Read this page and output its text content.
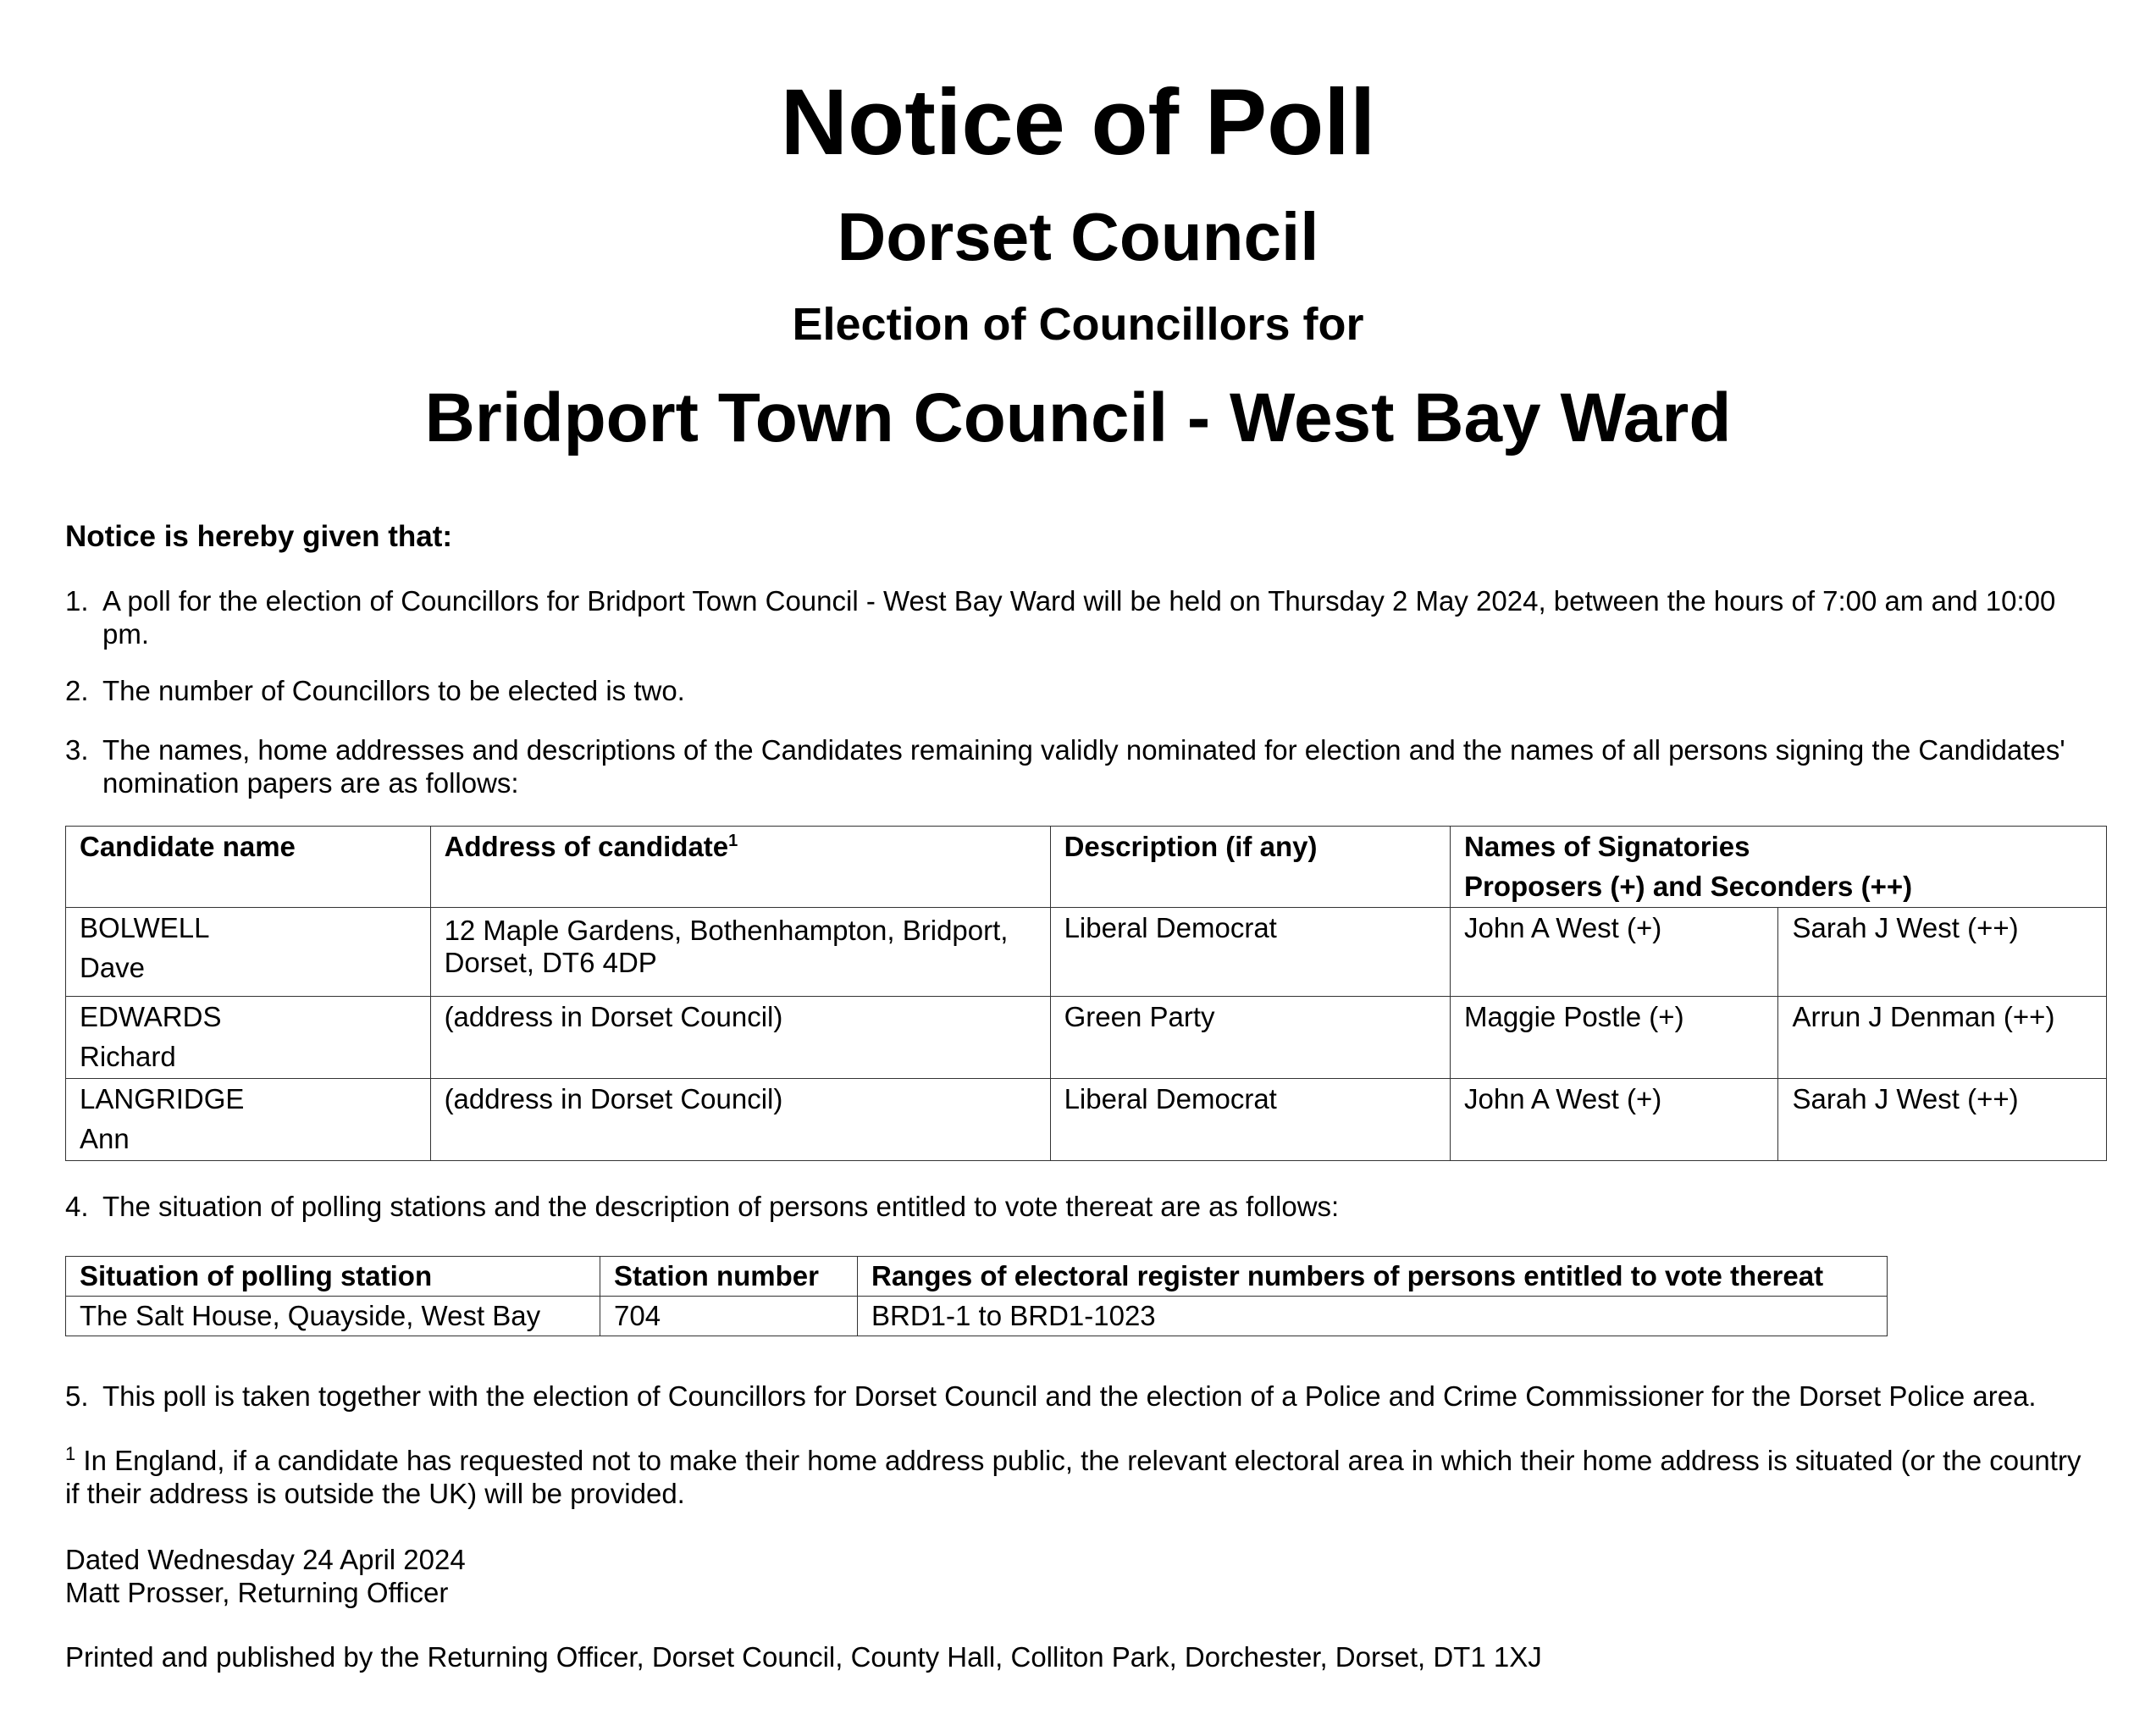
Notice of Poll
Dorset Council
Election of Councillors for
Bridport Town Council - West Bay Ward
Notice is hereby given that:
1. A poll for the election of Councillors for Bridport Town Council - West Bay Ward will be held on Thursday 2 May 2024, between the hours of 7:00 am and 10:00 pm.
2. The number of Councillors to be elected is two.
3. The names, home addresses and descriptions of the Candidates remaining validly nominated for election and the names of all persons signing the Candidates' nomination papers are as follows:
Candidate name	Address of candidate$^1$	Description (if any)	Names of Signatories
Proposers (+) and Seconders (++)	
BOLWELL
Dave	12 Maple Gardens, Bothenhampton, Bridport, Dorset, DT6 4DP	Liberal Democrat	John A West (+)	Sarah J West (++)
EDWARDS
Richard	(address in Dorset Council)	Green Party	Maggie Postle (+)	Arrun J Denman (++)
LANGRIDGE
Ann	(address in Dorset Council)	Liberal Democrat	John A West (+)	Sarah J West (++)
4. The situation of polling stations and the description of persons entitled to vote thereat are as follows:
Situation of polling station	Station number	Ranges of electoral register numbers of persons entitled to vote thereat
The Salt House, Quayside, West Bay	704	BRD1-1 to BRD1-1023
5. This poll is taken together with the election of Councillors for Dorset Council and the election of a Police and Crime Commissioner for the Dorset Police area.
$^1$ In England, if a candidate has requested not to make their home address public, the relevant electoral area in which their home address is situated (or the country if their address is outside the UK) will be provided.
Dated Wednesday 24 April 2024
Matt Prosser, Returning Officer
Printed and published by the Returning Officer, Dorset Council, County Hall, Colliton Park, Dorchester, Dorset, DT1 1XJ
